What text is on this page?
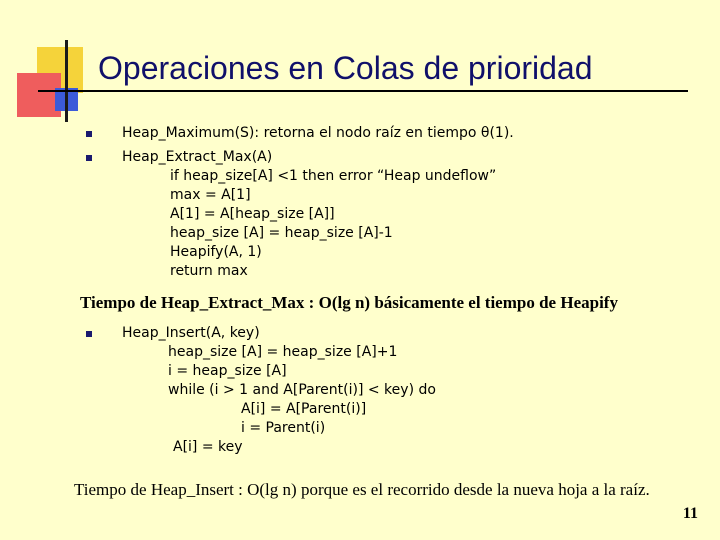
Operaciones en Colas de prioridad
Heap_Maximum(S): retorna el nodo raíz en tiempo θ(1).
Heap_Extract_Max(A)
if heap_size[A] <1 then error “Heap undeflow”
max = A[1]
A[1] = A[heap_size [A]]
heap_size [A] = heap_size [A]-1
Heapify(A, 1)
return max
Tiempo de Heap_Extract_Max : O(lg n) básicamente el tiempo de Heapify
Heap_Insert(A, key)
heap_size [A] = heap_size [A]+1
i = heap_size [A]
while (i > 1 and A[Parent(i)] < key) do
A[i] = A[Parent(i)]
i = Parent(i)
A[i] = key
Tiempo de Heap_Insert : O(lg n) porque es el recorrido desde la nueva hoja a la raíz.
11
